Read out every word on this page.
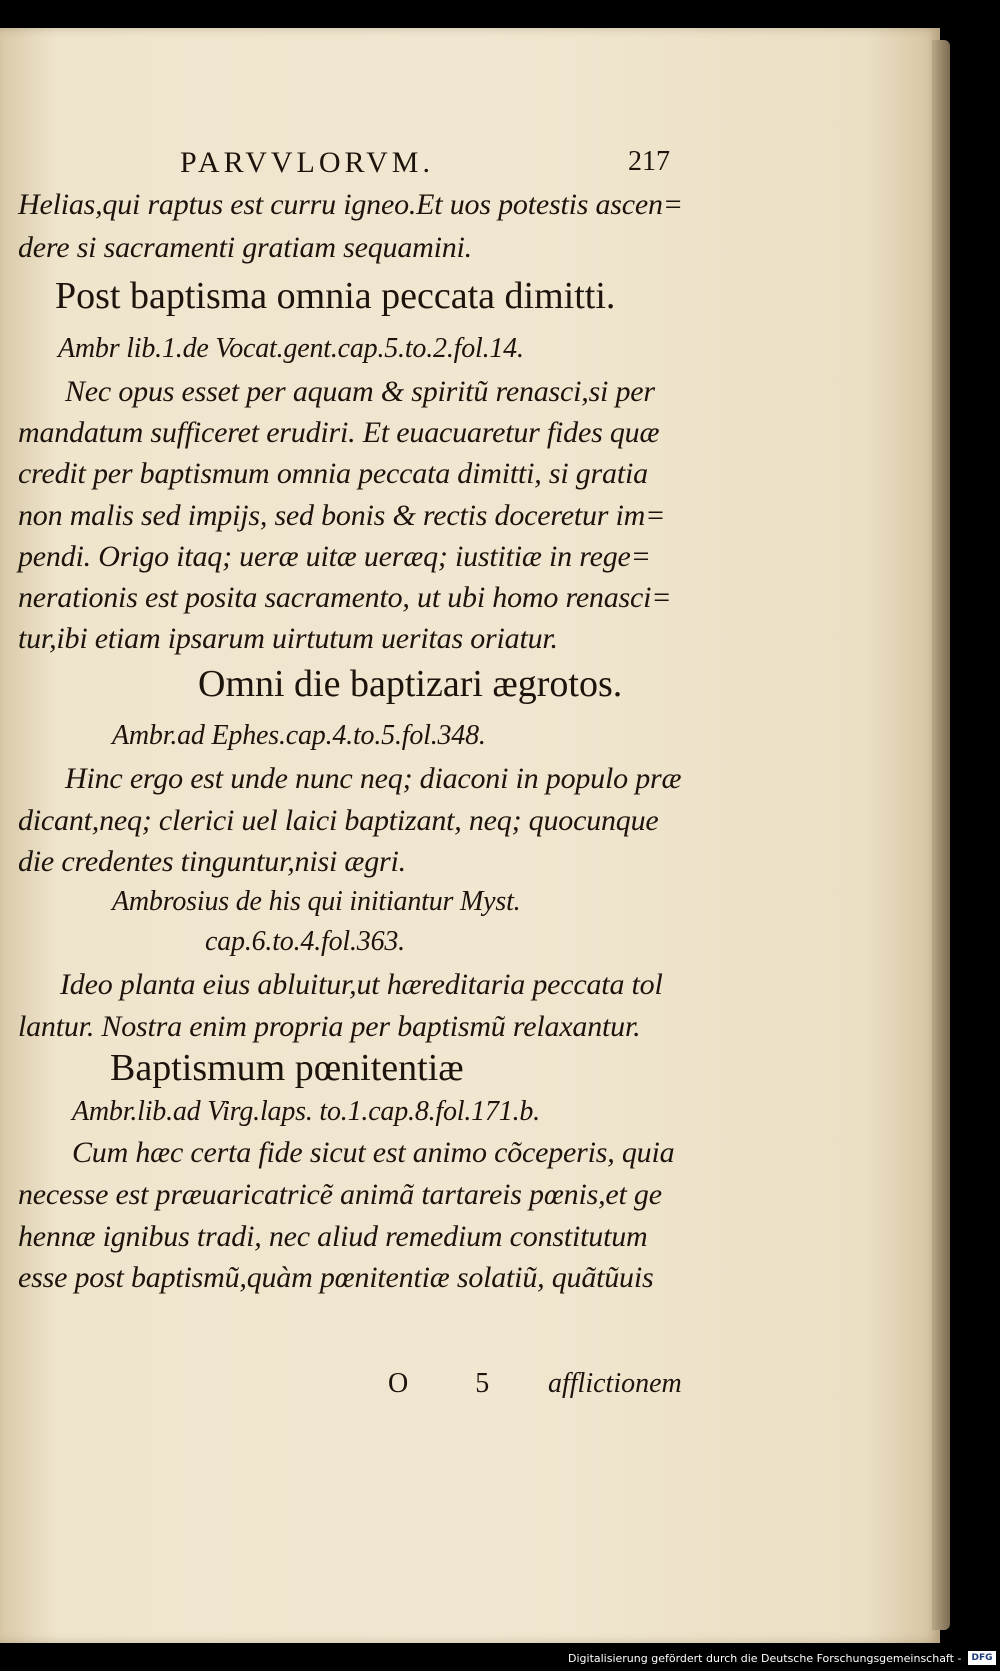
PARVVLORVM.	217
Helias,qui raptus est curru igneo.Et uos potestis ascen=
dere si sacramenti gratiam sequamini.
Post baptisma omnia peccata dimitti.
Ambr lib.1.de Vocat.gent.cap.5.to.2.fol.14.
Nec opus esset per aquam & spiritũ renasci,si per
mandatum sufficeret erudiri. Et euacuaretur fides quæ
credit per baptismum omnia peccata dimitti, si gratia
non malis sed impijs, sed bonis & rectis doceretur im=
pendi. Origo itaq; ueræ uitæ ueræq; iustitiæ in rege=
nerationis est posita sacramento, ut ubi homo renasci=
tur,ibi etiam ipsarum uirtutum ueritas oriatur.
Omni die baptizari ægrotos.
Ambr.ad Ephes.cap.4.to.5.fol.348.
Hinc ergo est unde nunc neq; diaconi in populo præ
dicant,neq; clerici uel laici baptizant, neq; quocunque
die credentes tinguntur,nisi ægri.
Ambrosius de his qui initiantur Myst.
cap.6.to.4.fol.363.
Ideo planta eius abluitur,ut hæreditaria peccata tol
lantur. Nostra enim propria per baptismũ relaxantur.
Baptismum pœnitentiæ
Ambr.lib.ad Virg.laps. to.1.cap.8.fol.171.b.
Cum hæc certa fide sicut est animo cõceperis, quia
necesse est præuaricatricẽ animã tartareis pœnis,et ge
hennæ ignibus tradi, nec aliud remedium constitutum
esse post baptismũ,quàm pœnitentiæ solatiũ, quãtũuis
O 5 afflictionem
Digitalisierung gefördert durch die Deutsche Forschungsgemeinschaft -	DFG
